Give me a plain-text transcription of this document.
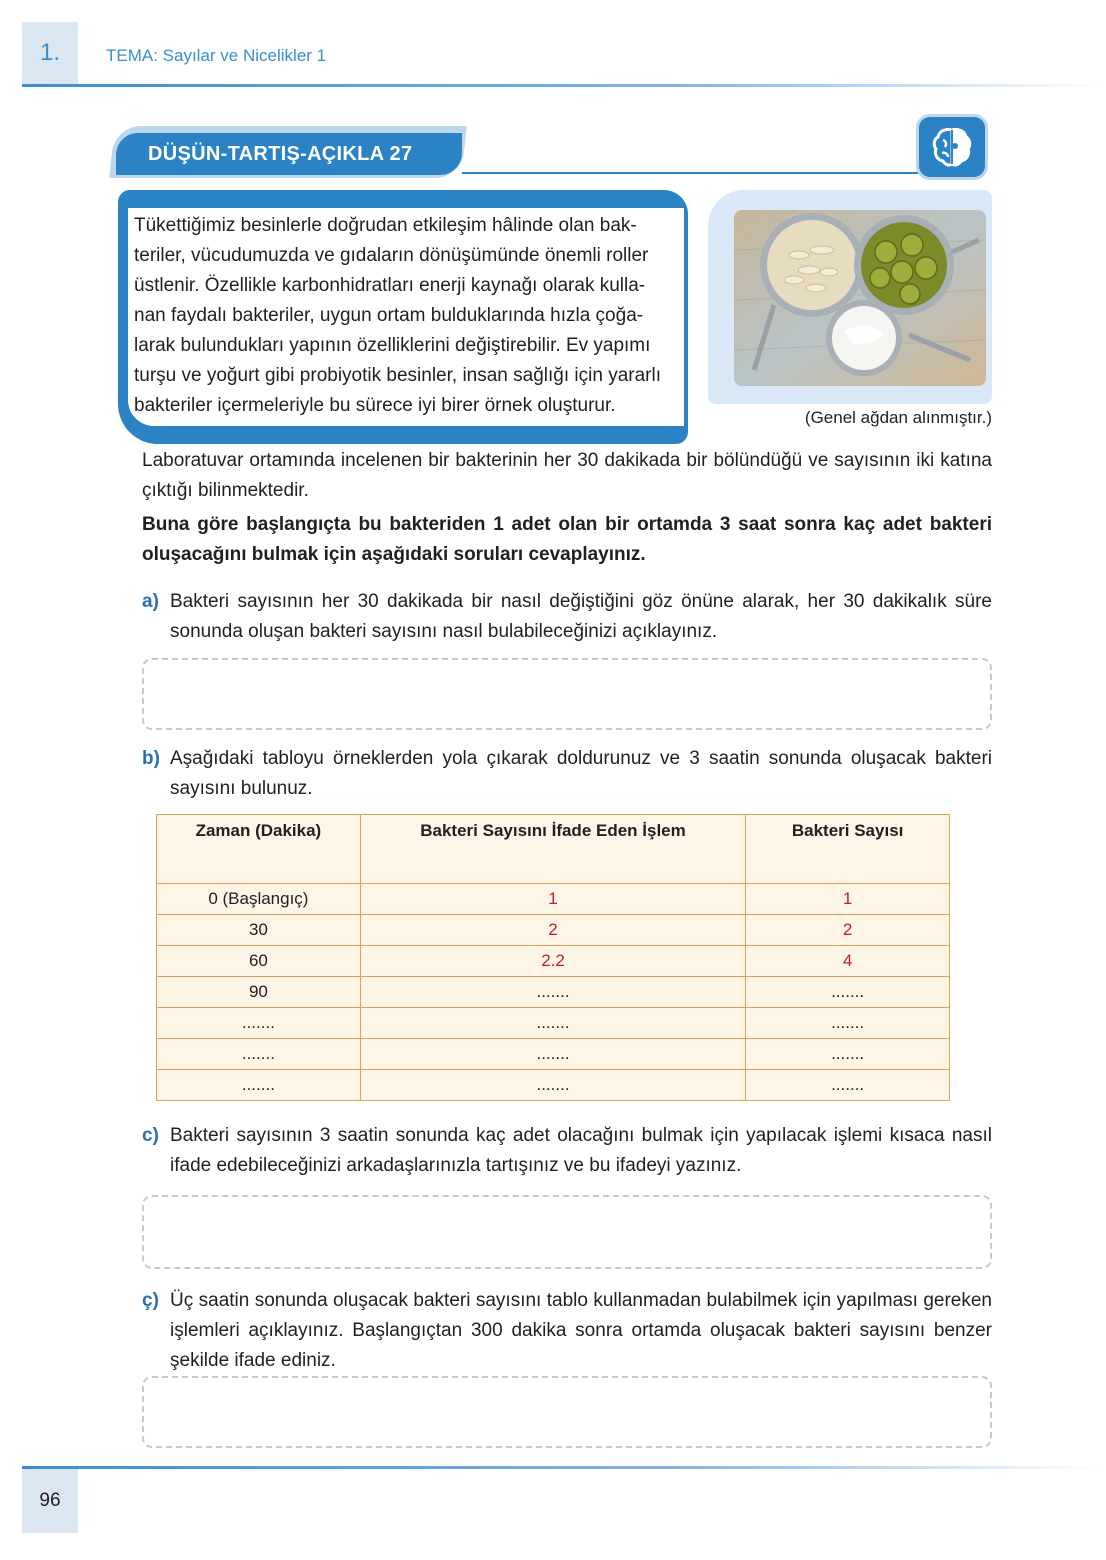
1.	TEMA: Sayılar ve Nicelikler 1
DÜŞÜN-TARTIŞ-AÇIKLA 27
Tükettiğimiz besinlerle doğrudan etkileşim hâlinde olan bak-
teriler, vücudumuzda ve gıdaların dönüşümünde önemli roller
üstlenir. Özellikle karbonhidratları enerji kaynağı olarak kulla-
nan faydalı bakteriler, uygun ortam bulduklarında hızla çoğa-
larak bulundukları yapının özelliklerini değiştirebilir. Ev yapımı
turşu ve yoğurt gibi probiyotik besinler, insan sağlığı için yararlı
bakteriler içermeleriyle bu sürece iyi birer örnek oluşturur.
(Genel ağdan alınmıştır.)
Laboratuvar ortamında incelenen bir bakterinin her 30 dakikada bir bölündüğü ve sayısının iki katına çıktığı bilinmektedir.
Buna göre başlangıçta bu bakteriden 1 adet olan bir ortamda 3 saat sonra kaç adet bakteri oluşacağını bulmak için aşağıdaki soruları cevaplayınız.
a) Bakteri sayısının her 30 dakikada bir nasıl değiştiğini göz önüne alarak, her 30 dakikalık süre sonunda oluşan bakteri sayısını nasıl bulabileceğinizi açıklayınız.
b) Aşağıdaki tabloyu örneklerden yola çıkarak doldurunuz ve 3 saatin sonunda oluşacak bakteri sayısını bulunuz.
Zaman (Dakika)	Bakteri Sayısını İfade Eden İşlem	Bakteri Sayısı
0 (Başlangıç)	1	1
30	2	2
60	2.2	4
90	.......	.......
.......	.......	.......
.......	.......	.......
.......	.......	.......
c) Bakteri sayısının 3 saatin sonunda kaç adet olacağını bulmak için yapılacak işlemi kısaca nasıl ifade edebileceğinizi arkadaşlarınızla tartışınız ve bu ifadeyi yazınız.
ç) Üç saatin sonunda oluşacak bakteri sayısını tablo kullanmadan bulabilmek için yapılması gereken işlemleri açıklayınız. Başlangıçtan 300 dakika sonra ortamda oluşacak bakteri sayısını benzer şekilde ifade ediniz.
96
